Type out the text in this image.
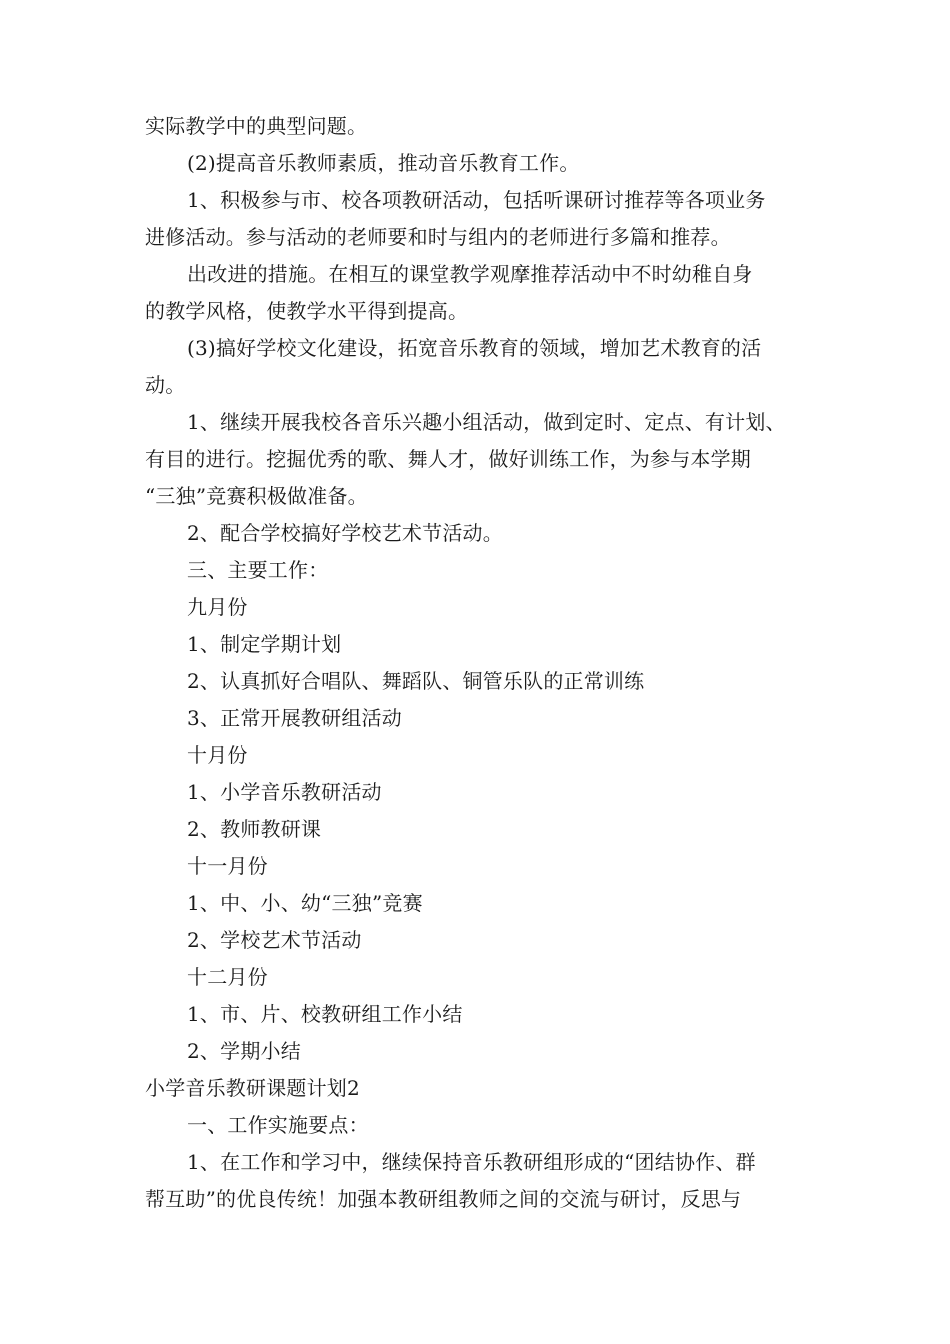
实际教学中的典型问题。
(2)提高音乐教师素质，推动音乐教育工作。
1、积极参与市、校各项教研活动，包括听课研讨推荐等各项业务
进修活动。参与活动的老师要和时与组内的老师进行多篇和推荐。
出改进的措施。在相互的课堂教学观摩推荐活动中不时幼稚自身
的教学风格，使教学水平得到提高。
(3)搞好学校文化建设，拓宽音乐教育的领域，增加艺术教育的活
动。
1、继续开展我校各音乐兴趣小组活动，做到定时、定点、有计划、
有目的进行。挖掘优秀的歌、舞人才，做好训练工作，为参与本学期
“三独”竞赛积极做准备。
2、配合学校搞好学校艺术节活动。
三、主要工作：
九月份
1、制定学期计划
2、认真抓好合唱队、舞蹈队、铜管乐队的正常训练
3、正常开展教研组活动
十月份
1、小学音乐教研活动
2、教师教研课
十一月份
1、中、小、幼“三独”竞赛
2、学校艺术节活动
十二月份
1、市、片、校教研组工作小结
2、学期小结
小学音乐教研课题计划2
一、工作实施要点：
1、在工作和学习中，继续保持音乐教研组形成的“团结协作、群
帮互助”的优良传统！加强本教研组教师之间的交流与研讨，反思与
